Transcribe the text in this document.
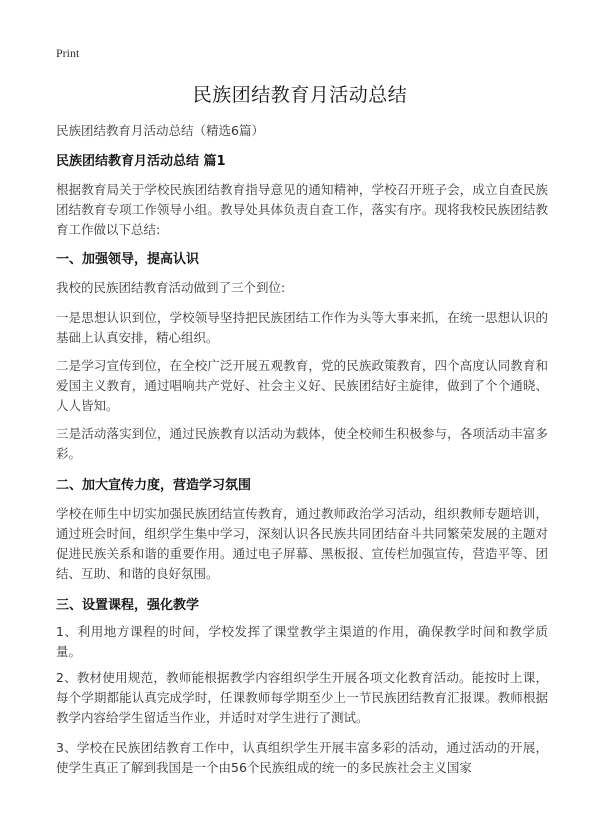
Print
民族团结教育月活动总结
民族团结教育月活动总结（精选6篇）
民族团结教育月活动总结 篇1

根据教育局关于学校民族团结教育指导意见的通知精神，学校召开班子会，成立自查民族团结教育专项工作领导小组。教导处具体负责自查工作，落实有序。现将我校民族团结教育工作做以下总结:

一、加强领导，提高认识

我校的民族团结教育活动做到了三个到位:

一是思想认识到位，学校领导坚持把民族团结工作作为头等大事来抓，在统一思想认识的基础上认真安排，精心组织。

二是学习宣传到位，在全校广泛开展五观教育，党的民族政策教育，四个高度认同教育和爱国主义教育，通过唱响共产党好、社会主义好、民族团结好主旋律，做到了个个通晓、人人皆知。

三是活动落实到位，通过民族教育以活动为载体，使全校师生积极参与，各项活动丰富多彩。

二、加大宣传力度，营造学习氛围

学校在师生中切实加强民族团结宣传教育，通过教师政治学习活动，组织教师专题培训，通过班会时间，组织学生集中学习，深刻认识各民族共同团结奋斗共同繁荣发展的主题对促进民族关系和谐的重要作用。通过电子屏幕、黑板报、宣传栏加强宣传，营造平等、团结、互助、和谐的良好氛围。

三、设置课程，强化教学

1、利用地方课程的时间，学校发挥了课堂教学主渠道的作用，确保教学时间和教学质量。

2、教材使用规范，教师能根据教学内容组织学生开展各项文化教育活动。能按时上课，每个学期都能认真完成学时，任课教师每学期至少上一节民族团结教育汇报课。教师根据教学内容给学生留适当作业，并适时对学生进行了测试。

3、学校在民族团结教育工作中，认真组织学生开展丰富多彩的活动，通过活动的开展，使学生真正了解到我国是一个由56个民族组成的统一的多民族社会主义国家
